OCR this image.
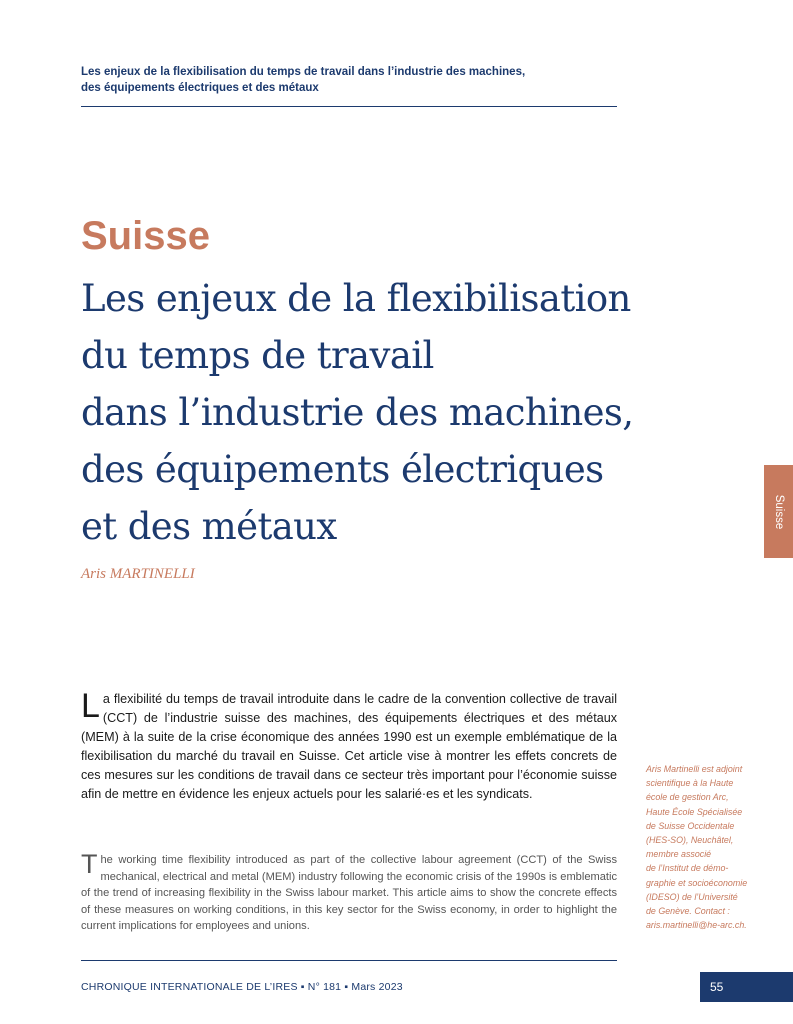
Les enjeux de la flexibilisation du temps de travail dans l’industrie des machines,
des équipements électriques et des métaux
Suisse
Les enjeux de la flexibilisation
du temps de travail
dans l’industrie des machines,
des équipements électriques
et des métaux
Aris MARTINELLI
Suisse
La flexibilité du temps de travail introduite dans le cadre de la convention collective de travail (CCT) de l’industrie suisse des machines, des équipements électriques et des métaux (MEM) à la suite de la crise économique des années 1990 est un exemple emblématique de la flexibilisation du marché du travail en Suisse. Cet article vise à montrer les effets concrets de ces mesures sur les conditions de travail dans ce secteur très important pour l’économie suisse afin de mettre en évidence les enjeux actuels pour les salarié·es et les syndicats.
The working time flexibility introduced as part of the collective labour agreement (CCT) of the Swiss mechanical, electrical and metal (MEM) industry following the economic crisis of the 1990s is emblematic of the trend of increasing flexibility in the Swiss labour market. This article aims to show the concrete effects of these measures on working conditions, in this key sector for the Swiss economy, in order to highlight the current implications for employees and unions.
Aris Martinelli est adjoint
scientifique à la Haute
école de gestion Arc,
Haute École Spécialisée
de Suisse Occidentale
(HES-SO), Neuchâtel,
membre associé
de l’Institut de démo-
graphie et socioéconomie
(IDESO) de l’Université
de Genève. Contact :
aris.martinelli@he-arc.ch.
CHRONIQUE INTERNATIONALE DE L’IRES ▪ N° 181 ▪ Mars 2023	55
